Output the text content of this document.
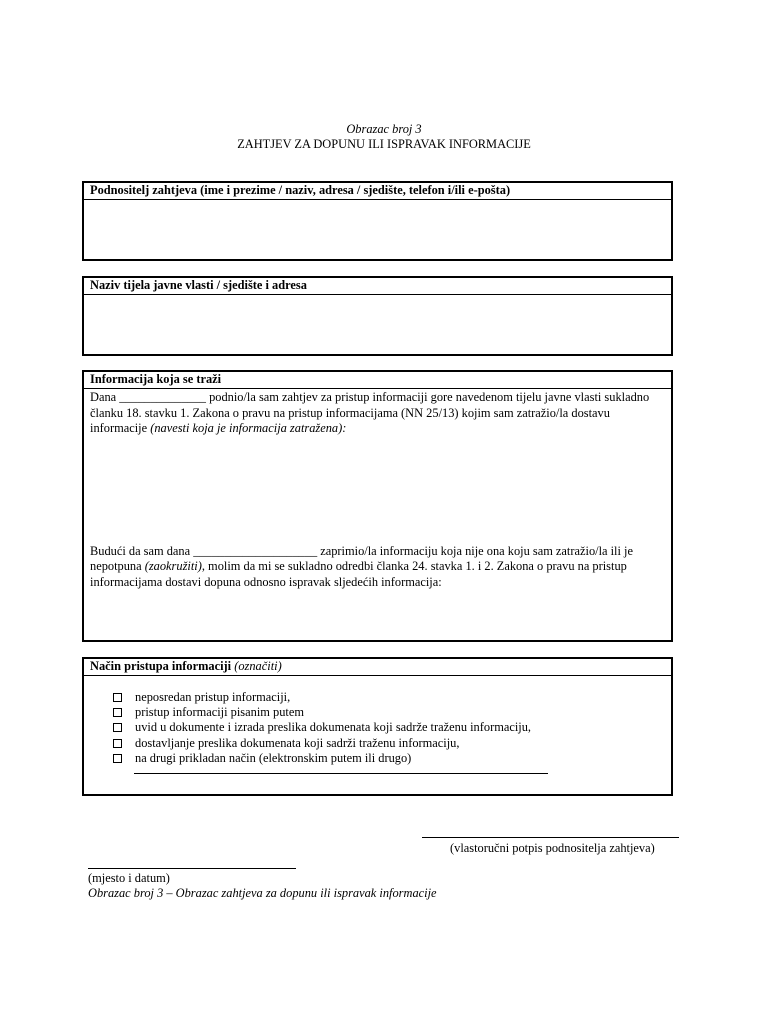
Obrazac broj 3
ZAHTJEV ZA DOPUNU ILI ISPRAVAK INFORMACIJE
Podnositelj zahtjeva (ime i prezime / naziv, adresa / sjedište, telefon i/ili e-pošta)
Naziv tijela javne vlasti / sjedište i adresa
Informacija koja se traži

Dana ______________ podnio/la sam zahtjev za pristup informaciji gore navedenom tijelu javne vlasti sukladno

članku 18. stavku 1. Zakona o pravu na pristup informacijama (NN 25/13) kojim sam zatražio/la dostavu

informacije (navesti koja je informacija zatražena):

Budući da sam dana ____________________ zaprimio/la informaciju koja nije ona koju sam zatražio/la ili je

nepotpuna (zaokružiti), molim da mi se sukladno odredbi članka 24. stavka 1. i 2. Zakona o pravu na pristup

informacijama dostavi dopuna odnosno ispravak sljedećih informacija:

Način pristupa informaciji (označiti)
neposredan pristup informaciji,
pristup informaciji pisanim putem
uvid u dokumente i izrada preslika dokumenata koji sadrže traženu informaciju,
dostavljanje preslika dokumenata koji sadrži traženu informaciju,
na drugi prikladan način (elektronskim putem ili drugo)
(vlastoručni potpis podnositelja zahtjeva)
(mjesto i datum)
Obrazac broj 3 – Obrazac zahtjeva za dopunu ili ispravak informacije
